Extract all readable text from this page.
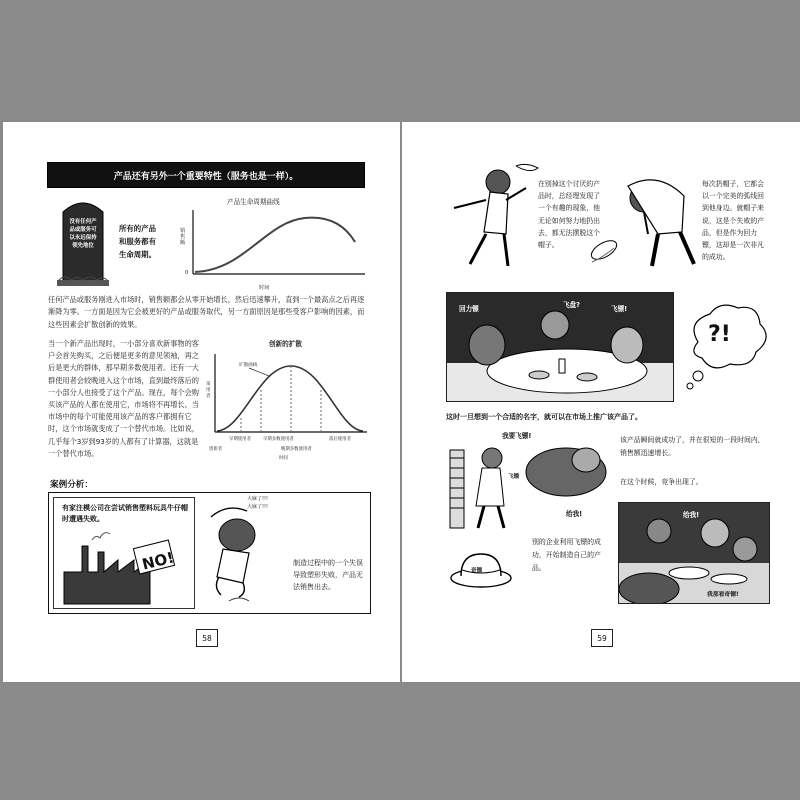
产品还有另外一个重要特性（服务也是一样）。
没有任何产品或服务可以永远保持领先地位
所有的产品和服务都有生命周期。
产品生命周期曲线
销售额
0
时间
任何产品或服务刚进入市场时，销售额都会从零开始增长，然后迅速攀升，直到一个最高点之后再逐渐降为零。一方面是因为它会被更好的产品或服务取代，另一方面原因是那些受客户影响的因素，而这些因素会扩散创新的效果。
当一个新产品出现时，一小部分喜欢新事物的客户会首先购买，之后便是更多的意见领袖，再之后是更大的群体，那早期多数使用者。还有一大群使用者会较晚进入这个市场，直到最终落后的一小部分人也接受了这个产品。现在，每个会购买该产品的人都在使用它，市场将不再增长。当市场中的每个可能使用该产品的客户都拥有它时，这个市场就变成了一个替代市场。比如说，几乎每个3岁到93岁的人都有了计算器，这就是一个替代市场。
创新的扩散
扩散曲线
采用者
创新者
早期使用者	早期多数使用者
晚期多数使用者
落后使用者
时间
案例分析：
有家注模公司在尝试销售塑料玩具牛仔帽时遭遇失败。
NO!
大麻了!!!
大麻了!!!
制造过程中的一个失误导致塑形失败，产品无法销售出去。
58
在别掉这个讨厌的产品时，总经理发现了一个有趣的现象，他无论如何努力地扔出去，都无法摆脱这个帽子。
每次扔帽子，它都会以一个完美的弧线回到他身边。就帽子来说，这是个失败的产品，但是作为回力镖，这却是一次非凡的成功。
回力镖	飞盘?	飞镖!
?!
这时一旦想到一个合适的名字，就可以在市场上推广该产品了。
我要飞镖!
飞镖
给我!
该产品瞬间就成功了，并在很短的一段时间内，销售额迅速增长。
在这个时候，竞争出现了。
奇镖
别的企业利用飞镖的成功，开始制造自己的产品。
给我!
我那看奇镖!
59
